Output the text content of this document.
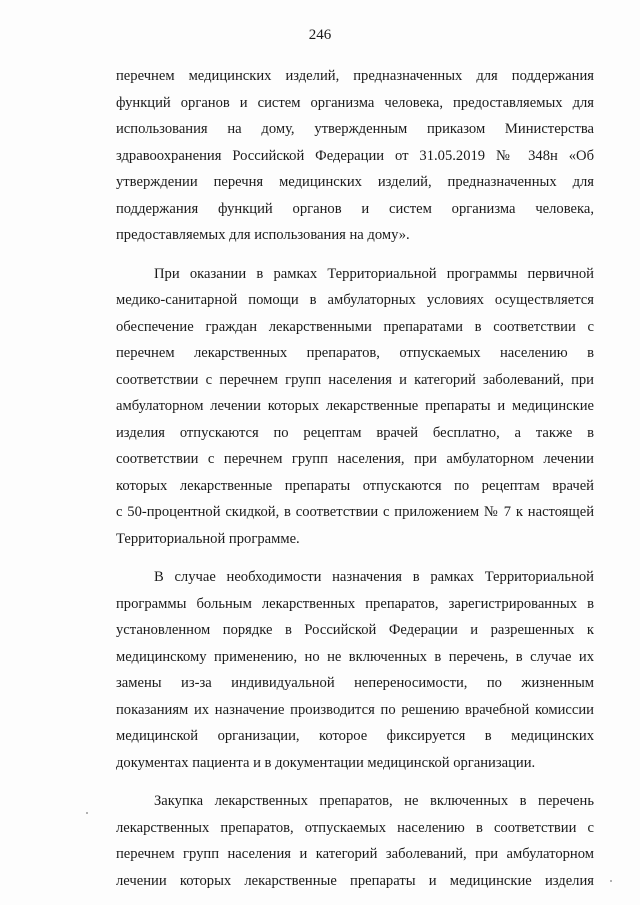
246
перечнем медицинских изделий, предназначенных для поддержания
функций органов и систем организма человека, предоставляемых для
использования на дому, утвержденным приказом Министерства
здравоохранения Российской Федерации от 31.05.2019 № 348н «Об
утверждении перечня медицинских изделий, предназначенных для
поддержания функций органов и систем организма человека,
предоставляемых для использования на дому».
При оказании в рамках Территориальной программы первичной
медико-санитарной помощи в амбулаторных условиях осуществляется
обеспечение граждан лекарственными препаратами в соответствии с
перечнем лекарственных препаратов, отпускаемых населению в
соответствии с перечнем групп населения и категорий заболеваний, при
амбулаторном лечении которых лекарственные препараты и медицинские
изделия отпускаются по рецептам врачей бесплатно, а также в
соответствии с перечнем групп населения, при амбулаторном лечении
которых лекарственные препараты отпускаются по рецептам врачей
с 50-процентной скидкой, в соответствии с приложением № 7 к настоящей
Территориальной программе.
В случае необходимости назначения в рамках Территориальной
программы больным лекарственных препаратов, зарегистрированных в
установленном порядке в Российской Федерации и разрешенных к
медицинскому применению, но не включенных в перечень, в случае их
замены из-за индивидуальной непереносимости, по жизненным
показаниям их назначение производится по решению врачебной комиссии
медицинской организации, которое фиксируется в медицинских
документах пациента и в документации медицинской организации.
Закупка лекарственных препаратов, не включенных в перечень
лекарственных препаратов, отпускаемых населению в соответствии с
перечнем групп населения и категорий заболеваний, при амбулаторном
лечении которых лекарственные препараты и медицинские изделия
